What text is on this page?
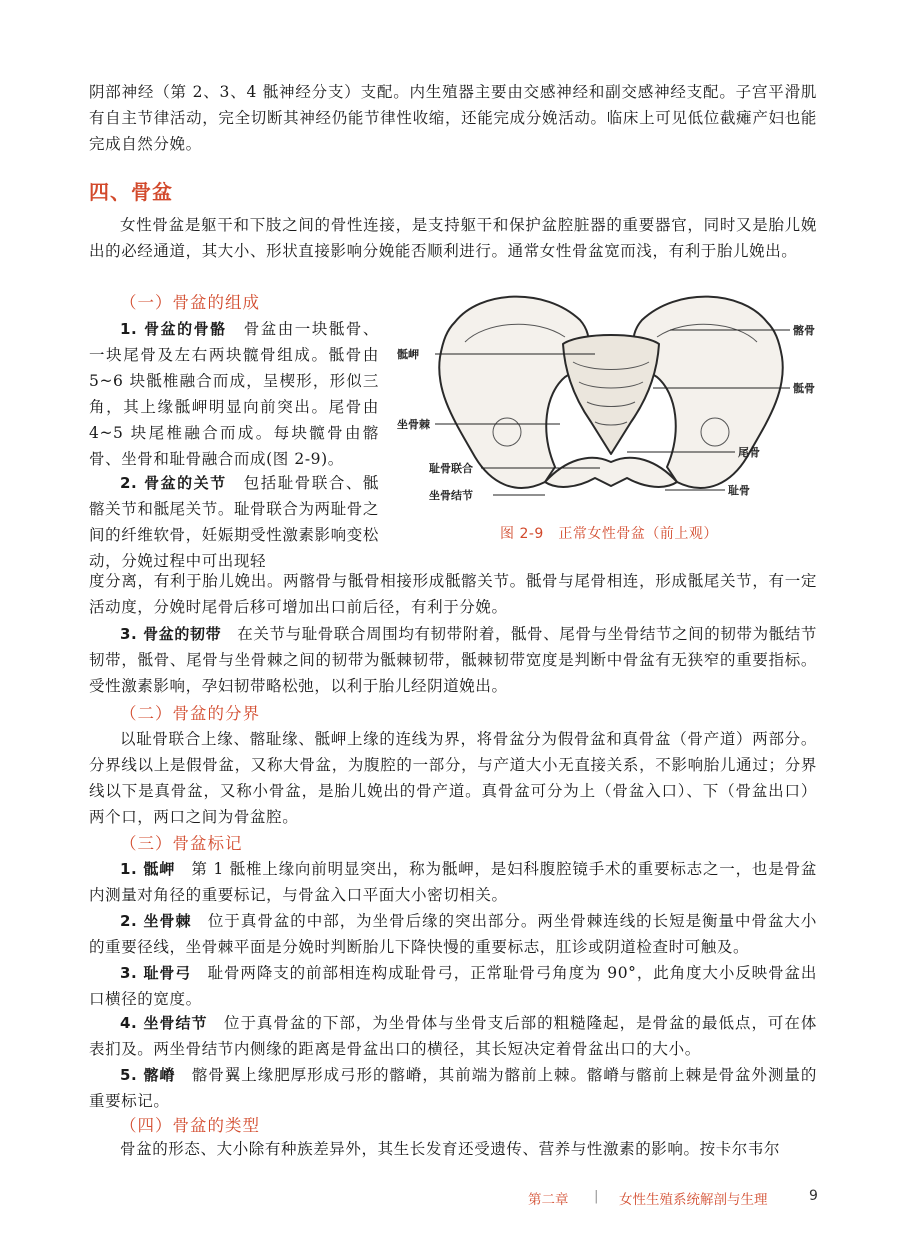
阴部神经（第 2、3、4 骶神经分支）支配。内生殖器主要由交感神经和副交感神经支配。子宫平滑肌有自主节律活动，完全切断其神经仍能节律性收缩，还能完成分娩活动。临床上可见低位截瘫产妇也能完成自然分娩。

四、骨盆

女性骨盆是躯干和下肢之间的骨性连接，是支持躯干和保护盆腔脏器的重要器官，同时又是胎儿娩出的必经通道，其大小、形状直接影响分娩能否顺利进行。通常女性骨盆宽而浅，有利于胎儿娩出。

（一）骨盆的组成

1. 骨盆的骨骼　骨盆由一块骶骨、一块尾骨及左右两块髋骨组成。骶骨由 5~6 块骶椎融合而成，呈楔形，形似三角，其上缘骶岬明显向前突出。尾骨由 4~5 块尾椎融合而成。每块髋骨由髂骨、坐骨和耻骨融合而成(图 2-9)。

2. 骨盆的关节　包括耻骨联合、骶髂关节和骶尾关节。耻骨联合为两耻骨之间的纤维软骨，妊娠期受性激素影响变松动，分娩过程中可出现轻

度分离，有利于胎儿娩出。两髂骨与骶骨相接形成骶髂关节。骶骨与尾骨相连，形成骶尾关节，有一定活动度，分娩时尾骨后移可增加出口前后径，有利于分娩。

3. 骨盆的韧带　在关节与耻骨联合周围均有韧带附着，骶骨、尾骨与坐骨结节之间的韧带为骶结节韧带，骶骨、尾骨与坐骨棘之间的韧带为骶棘韧带，骶棘韧带宽度是判断中骨盆有无狭窄的重要指标。受性激素影响，孕妇韧带略松弛，以利于胎儿经阴道娩出。

骶岬
髂骨
骶骨
坐骨棘
尾骨
耻骨联合
耻骨
坐骨结节
图 2-9　正常女性骨盆（前上观）
（二）骨盆的分界

以耻骨联合上缘、髂耻缘、骶岬上缘的连线为界，将骨盆分为假骨盆和真骨盆（骨产道）两部分。分界线以上是假骨盆，又称大骨盆，为腹腔的一部分，与产道大小无直接关系，不影响胎儿通过；分界线以下是真骨盆，又称小骨盆，是胎儿娩出的骨产道。真骨盆可分为上（骨盆入口）、下（骨盆出口）两个口，两口之间为骨盆腔。

（三）骨盆标记

1. 骶岬　第 1 骶椎上缘向前明显突出，称为骶岬，是妇科腹腔镜手术的重要标志之一，也是骨盆内测量对角径的重要标记，与骨盆入口平面大小密切相关。

2. 坐骨棘　位于真骨盆的中部，为坐骨后缘的突出部分。两坐骨棘连线的长短是衡量中骨盆大小的重要径线，坐骨棘平面是分娩时判断胎儿下降快慢的重要标志，肛诊或阴道检查时可触及。

3. 耻骨弓　耻骨两降支的前部相连构成耻骨弓，正常耻骨弓角度为 90°，此角度大小反映骨盆出口横径的宽度。

4. 坐骨结节　位于真骨盆的下部，为坐骨体与坐骨支后部的粗糙隆起，是骨盆的最低点，可在体表扪及。两坐骨结节内侧缘的距离是骨盆出口的横径，其长短决定着骨盆出口的大小。

5. 髂嵴　髂骨翼上缘肥厚形成弓形的髂嵴，其前端为髂前上棘。髂嵴与髂前上棘是骨盆外测量的重要标记。

（四）骨盆的类型

骨盆的形态、大小除有种族差异外，其生长发育还受遗传、营养与性激素的影响。按卡尔韦尔

第二章 | 女性生殖系统解剖与生理	9
